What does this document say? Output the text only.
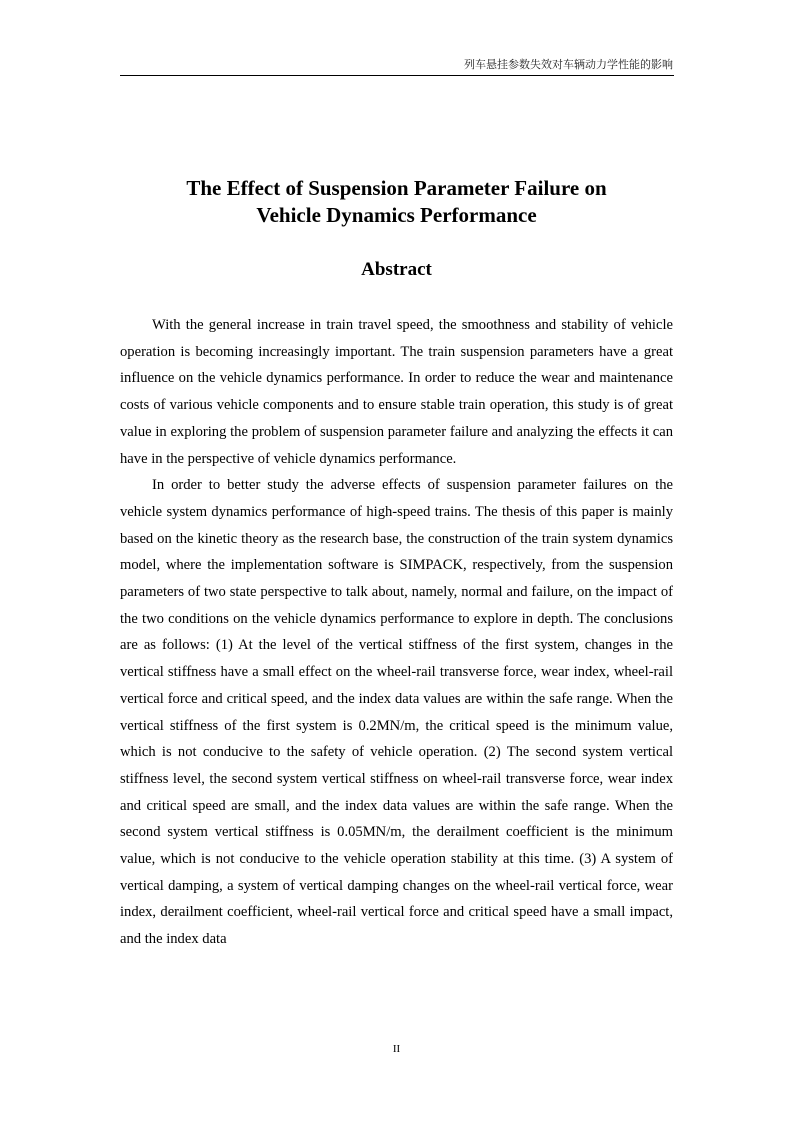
列车悬挂参数失效对车辆动力学性能的影响
The Effect of Suspension Parameter Failure on
Vehicle Dynamics Performance
Abstract

With the general increase in train travel speed, the smoothness and stability of vehicle operation is becoming increasingly important. The train suspension parameters have a great influence on the vehicle dynamics performance. In order to reduce the wear and maintenance costs of various vehicle components and to ensure stable train operation, this study is of great value in exploring the problem of suspension parameter failure and analyzing the effects it can have in the perspective of vehicle dynamics performance.

In order to better study the adverse effects of suspension parameter failures on the vehicle system dynamics performance of high-speed trains. The thesis of this paper is mainly based on the kinetic theory as the research base, the construction of the train system dynamics model, where the implementation software is SIMPACK, respectively, from the suspension parameters of two state perspective to talk about, namely, normal and failure, on the impact of the two conditions on the vehicle dynamics performance to explore in depth. The conclusions are as follows: (1) At the level of the vertical stiffness of the first system, changes in the vertical stiffness have a small effect on the wheel-rail transverse force, wear index, wheel-rail vertical force and critical speed, and the index data values are within the safe range. When the vertical stiffness of the first system is 0.2MN/m, the critical speed is the minimum value, which is not conducive to the safety of vehicle operation. (2) The second system vertical stiffness level, the second system vertical stiffness on wheel-rail transverse force, wear index and critical speed are small, and the index data values are within the safe range. When the second system vertical stiffness is 0.05MN/m, the derailment coefficient is the minimum value, which is not conducive to the vehicle operation stability at this time. (3) A system of vertical damping, a system of vertical damping changes on the wheel-rail vertical force, wear index, derailment coefficient, wheel-rail vertical force and critical speed have a small impact, and the index data

II
